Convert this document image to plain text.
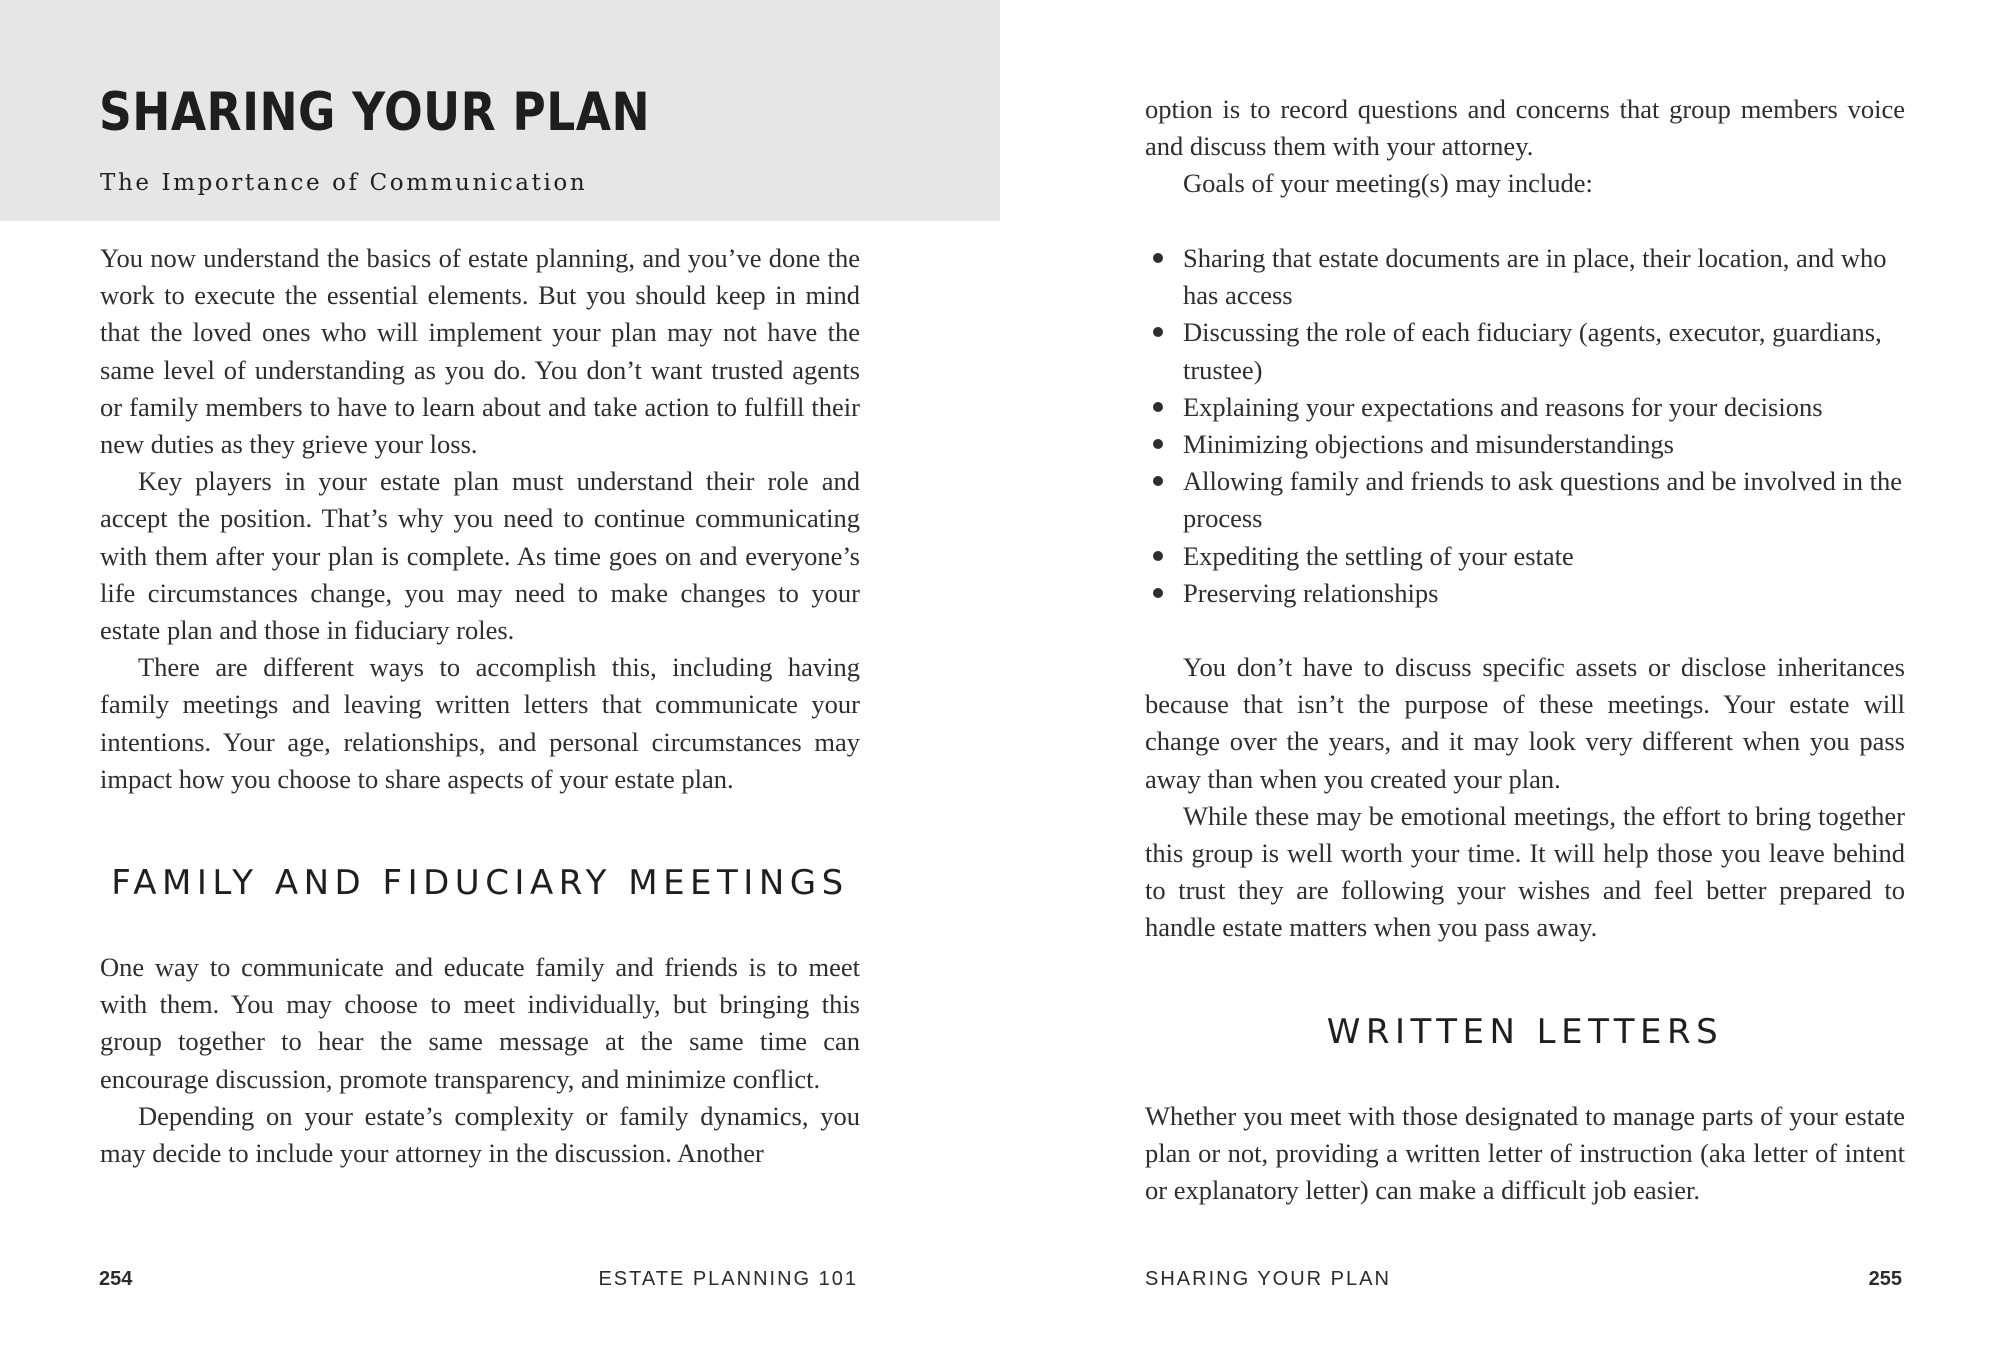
SHARING YOUR PLAN
The Importance of Communication

You now understand the basics of estate planning, and you’ve done the work to execute the essential elements. But you should keep in mind that the loved ones who will implement your plan may not have the same level of understanding as you do. You don’t want trusted agents or family members to have to learn about and take action to fulfill their new duties as they grieve your loss.

Key players in your estate plan must understand their role and accept the position. That’s why you need to continue communicating with them after your plan is complete. As time goes on and everyone’s life circumstances change, you may need to make changes to your estate plan and those in fiduciary roles.

There are different ways to accomplish this, including having family meetings and leaving written letters that communicate your intentions. Your age, relationships, and personal circumstances may impact how you choose to share aspects of your estate plan.

FAMILY AND FIDUCIARY MEETINGS

One way to communicate and educate family and friends is to meet with them. You may choose to meet individually, but bringing this group together to hear the same message at the same time can encourage discussion, promote transparency, and minimize conflict.

Depending on your estate’s complexity or family dynamics, you may decide to include your attorney in the discussion. Another

254	ESTATE PLANNING 101

option is to record questions and concerns that group members voice and discuss them with your attorney.

Goals of your meeting(s) may include:

Sharing that estate documents are in place, their location, and who has access
Discussing the role of each fiduciary (agents, executor, guardians, trustee)
Explaining your expectations and reasons for your decisions
Minimizing objections and misunderstandings
Allowing family and friends to ask questions and be involved in the process
Expediting the settling of your estate
Preserving relationships

You don’t have to discuss specific assets or disclose inheritances because that isn’t the purpose of these meetings. Your estate will change over the years, and it may look very different when you pass away than when you created your plan.

While these may be emotional meetings, the effort to bring together this group is well worth your time. It will help those you leave behind to trust they are following your wishes and feel better prepared to handle estate matters when you pass away.

WRITTEN LETTERS

Whether you meet with those designated to manage parts of your estate plan or not, providing a written letter of instruction (aka letter of intent or explanatory letter) can make a difficult job easier.

SHARING YOUR PLAN	255
